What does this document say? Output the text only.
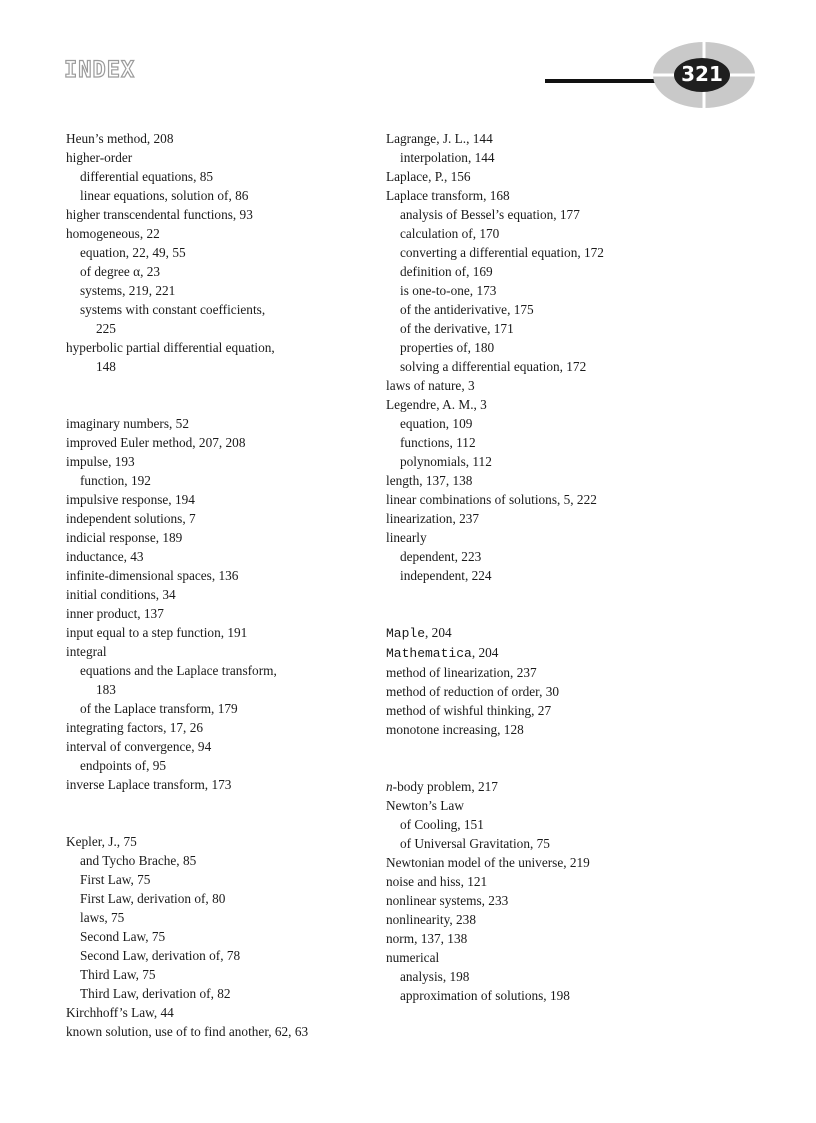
INDEX	321
Heun’s method, 208
higher-order
differential equations, 85
linear equations, solution of, 86
higher transcendental functions, 93
homogeneous, 22
equation, 22, 49, 55
of degree α, 23
systems, 219, 221
systems with constant coefficients,
225
hyperbolic partial differential equation,
148
imaginary numbers, 52
improved Euler method, 207, 208
impulse, 193
function, 192
impulsive response, 194
independent solutions, 7
indicial response, 189
inductance, 43
infinite-dimensional spaces, 136
initial conditions, 34
inner product, 137
input equal to a step function, 191
integral
equations and the Laplace transform,
183
of the Laplace transform, 179
integrating factors, 17, 26
interval of convergence, 94
endpoints of, 95
inverse Laplace transform, 173
Kepler, J., 75
and Tycho Brache, 85
First Law, 75
First Law, derivation of, 80
laws, 75
Second Law, 75
Second Law, derivation of, 78
Third Law, 75
Third Law, derivation of, 82
Kirchhoff’s Law, 44
known solution, use of to find another, 62, 63
Lagrange, J. L., 144
interpolation, 144
Laplace, P., 156
Laplace transform, 168
analysis of Bessel’s equation, 177
calculation of, 170
converting a differential equation, 172
definition of, 169
is one-to-one, 173
of the antiderivative, 175
of the derivative, 171
properties of, 180
solving a differential equation, 172
laws of nature, 3
Legendre, A. M., 3
equation, 109
functions, 112
polynomials, 112
length, 137, 138
linear combinations of solutions, 5, 222
linearization, 237
linearly
dependent, 223
independent, 224
Maple, 204
Mathematica, 204
method of linearization, 237
method of reduction of order, 30
method of wishful thinking, 27
monotone increasing, 128
n-body problem, 217
Newton’s Law
of Cooling, 151
of Universal Gravitation, 75
Newtonian model of the universe, 219
noise and hiss, 121
nonlinear systems, 233
nonlinearity, 238
norm, 137, 138
numerical
analysis, 198
approximation of solutions, 198
